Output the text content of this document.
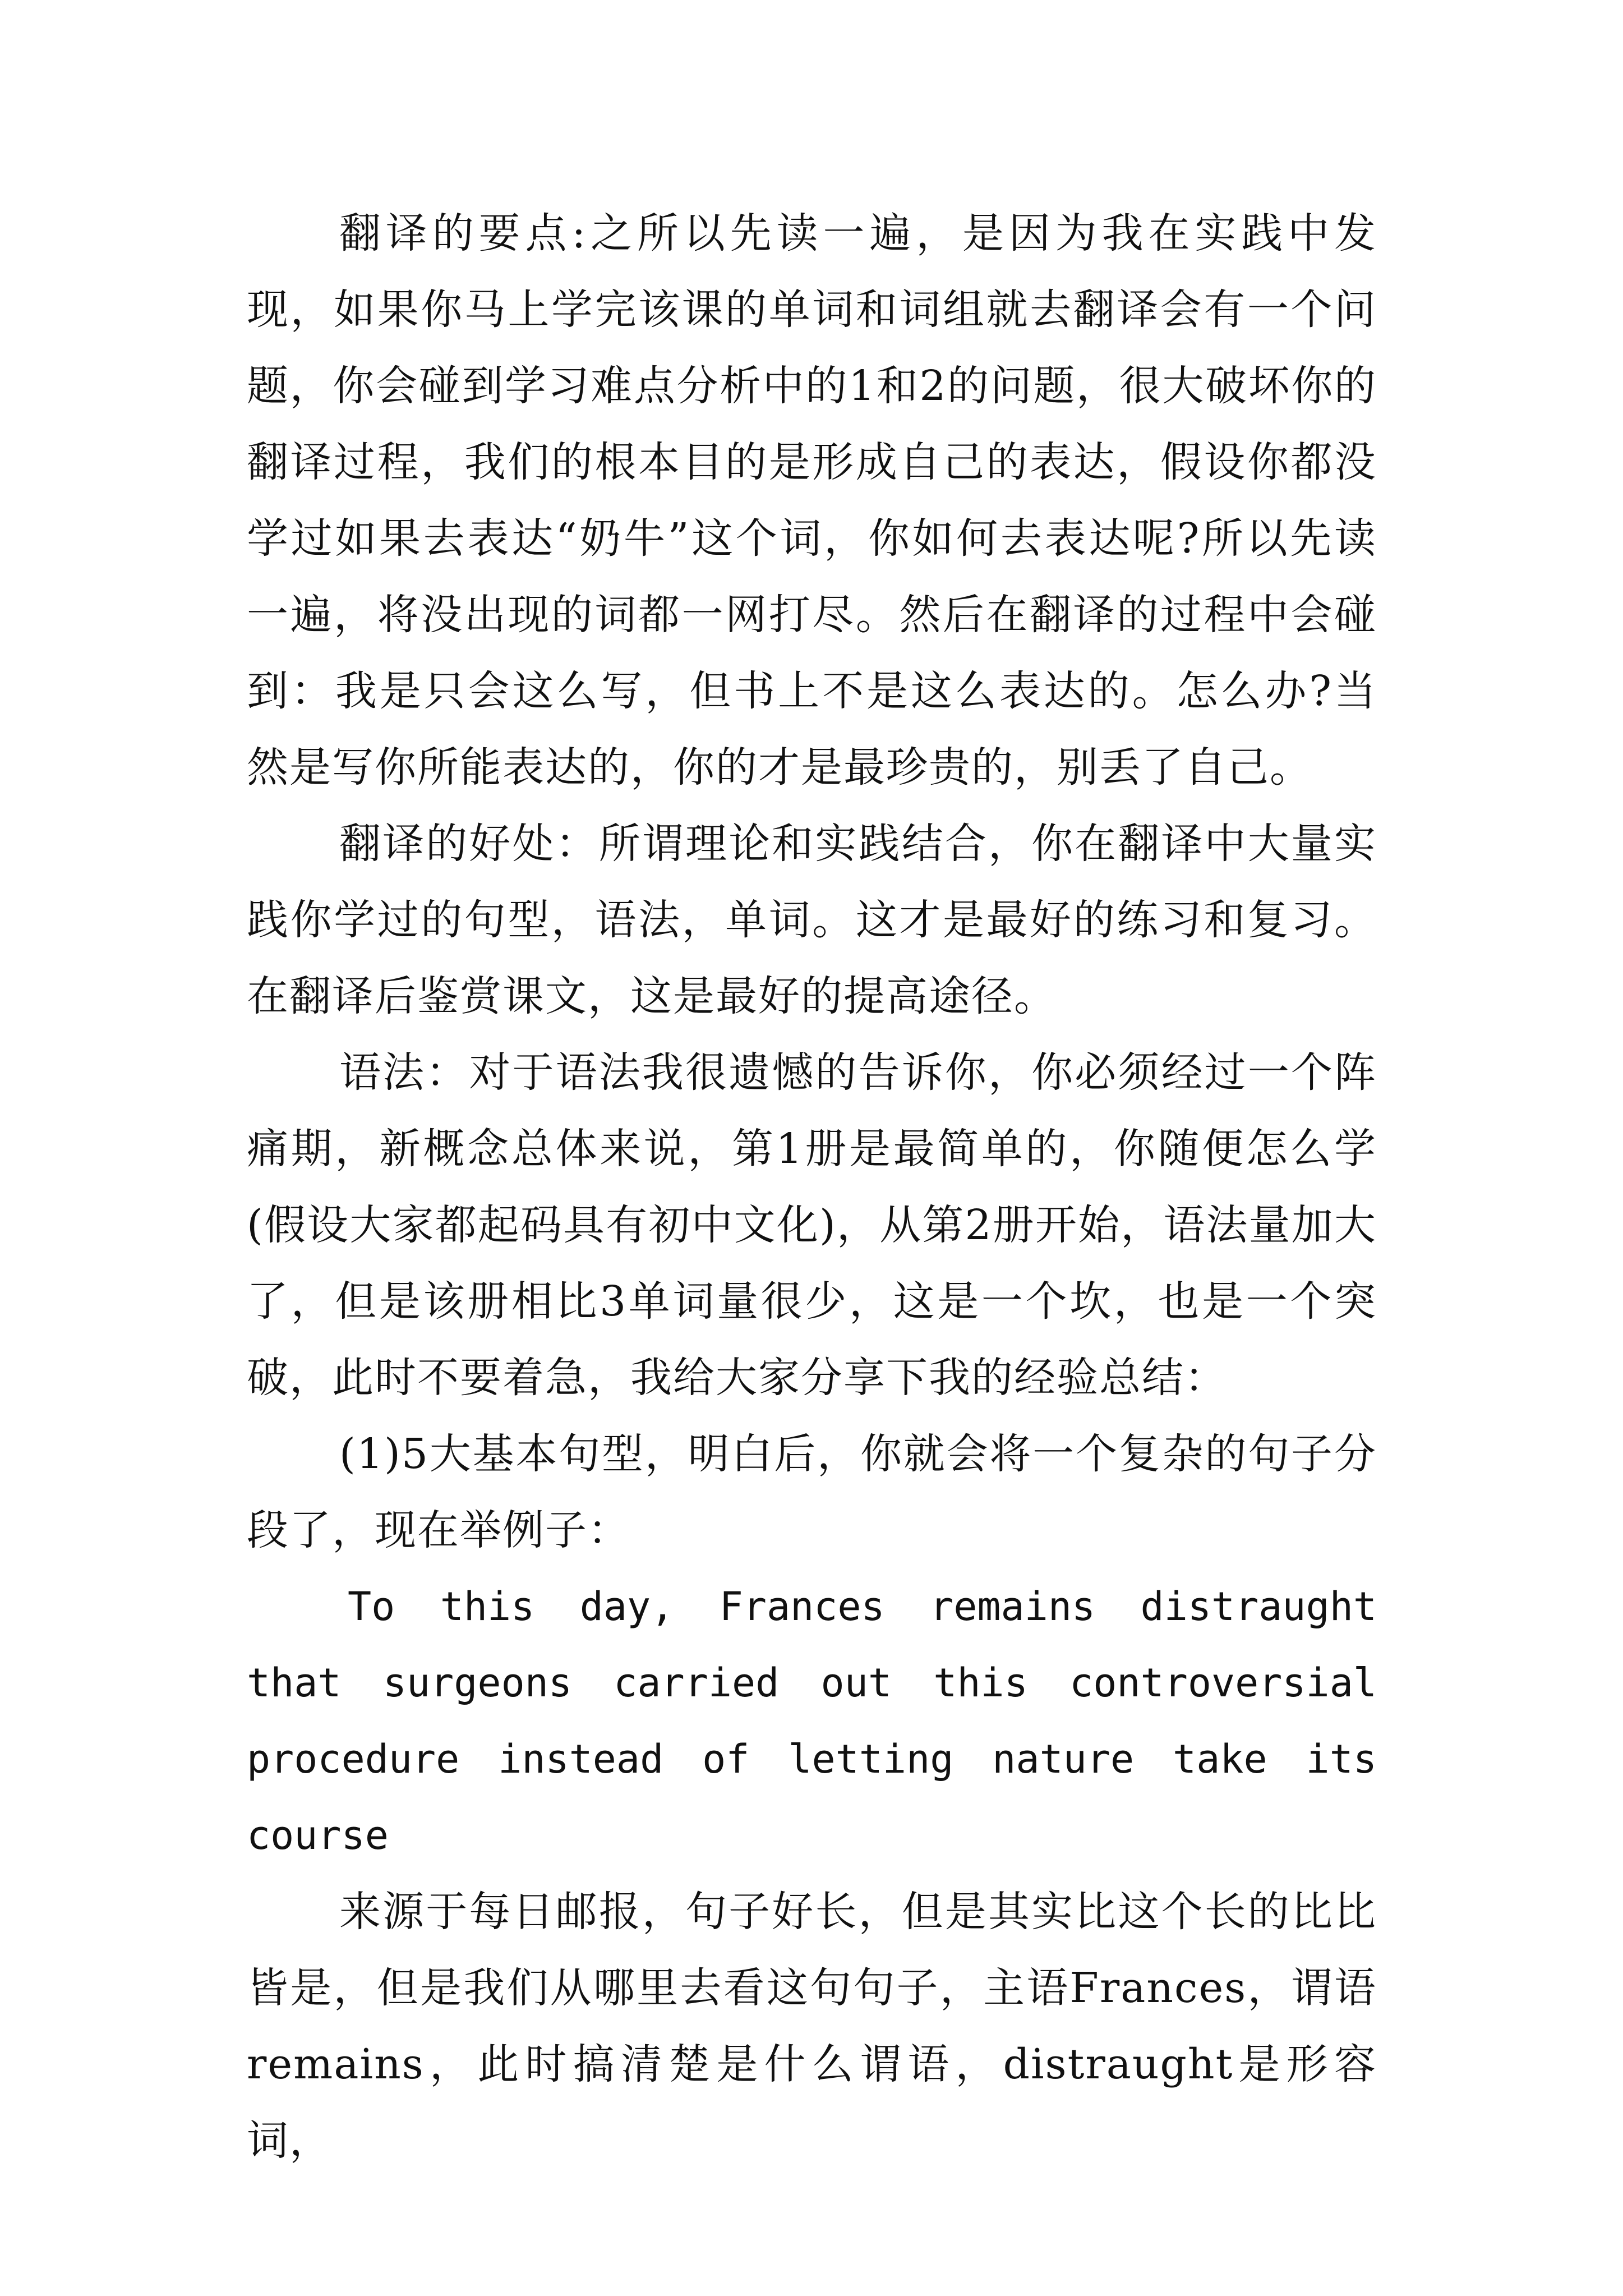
翻译的要点:之所以先读一遍，是因为我在实践中发现，如果你马上学完该课的单词和词组就去翻译会有一个问题，你会碰到学习难点分析中的1和2的问题，很大破坏你的翻译过程，我们的根本目的是形成自己的表达，假设你都没学过如果去表达“奶牛”这个词，你如何去表达呢?所以先读一遍，将没出现的词都一网打尽。然后在翻译的过程中会碰到：我是只会这么写，但书上不是这么表达的。怎么办?当然是写你所能表达的，你的才是最珍贵的，别丢了自己。

翻译的好处：所谓理论和实践结合，你在翻译中大量实践你学过的句型，语法，单词。这才是最好的练习和复习。在翻译后鉴赏课文，这是最好的提高途径。

语法：对于语法我很遗憾的告诉你，你必须经过一个阵痛期，新概念总体来说，第1册是最简单的，你随便怎么学(假设大家都起码具有初中文化)，从第2册开始，语法量加大了，但是该册相比3单词量很少，这是一个坎，也是一个突破，此时不要着急，我给大家分享下我的经验总结：

(1)5大基本句型，明白后，你就会将一个复杂的句子分段了，现在举例子：

To this day, Frances remains distraught that surgeons carried out this controversial procedure instead of letting nature take its course

来源于每日邮报，句子好长，但是其实比这个长的比比皆是，但是我们从哪里去看这句句子，主语Frances，谓语remains，此时搞清楚是什么谓语，distraught是形容词，
